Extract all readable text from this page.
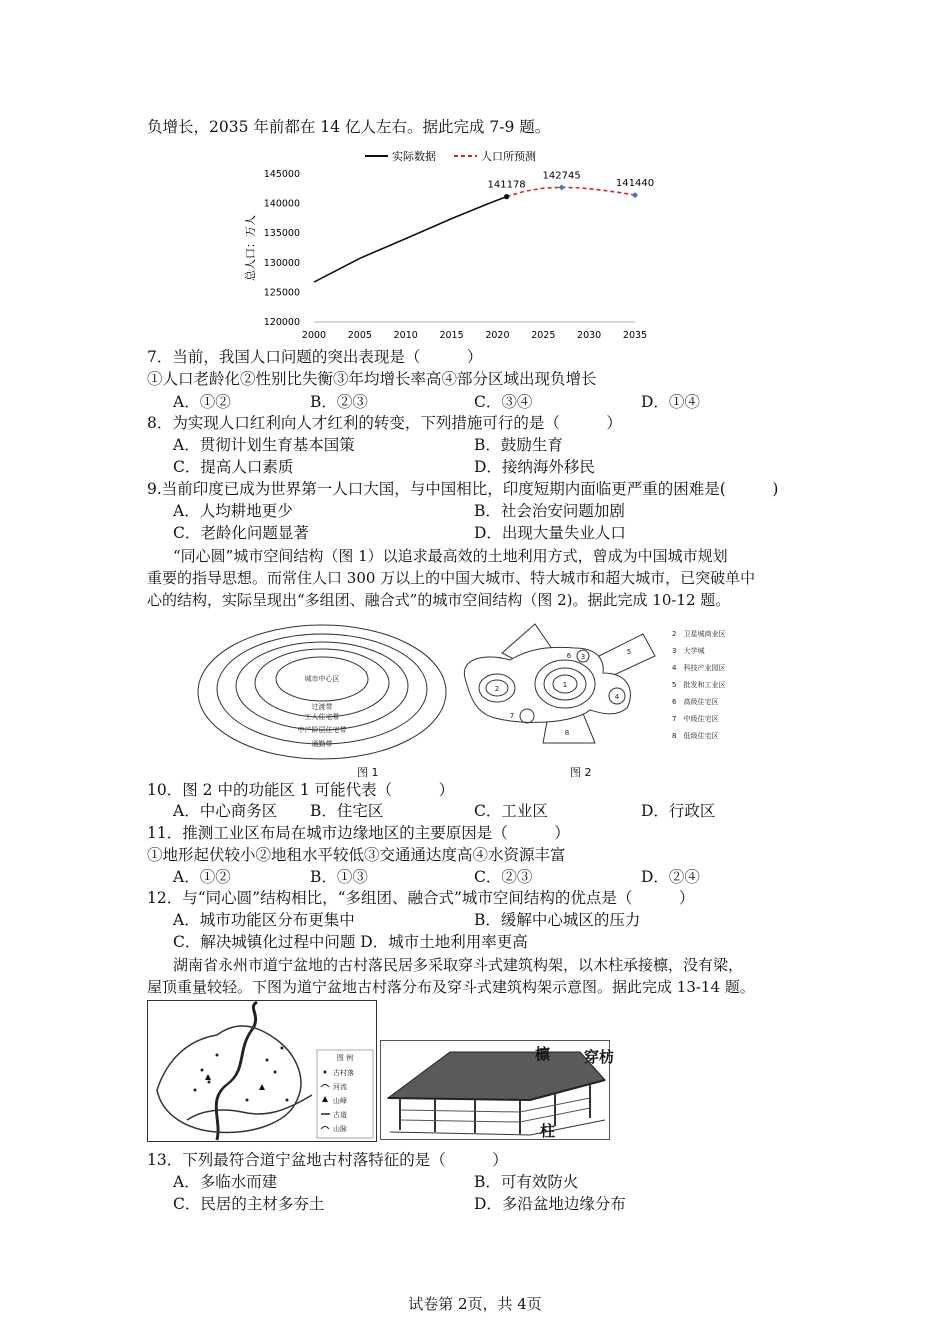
负增长，2035 年前都在 14 亿人左右。据此完成 7-9 题。
实际数据	人口所预测
2000 2005 2010 2015 2020 2025 2030 2035
120000
125000
130000
135000
140000
145000
总人口：万人
141178
142745
141440
7．当前，我国人口问题的突出表现是（　　　）
①人口老龄化②性别比失衡③年均增长率高④部分区域出现负增长
A．①②	B．②③	C．③④	D．①④
8．为实现人口红利向人才红利的转变，下列措施可行的是（　　　）
A．贯彻计划生育基本国策	B．鼓励生育
C．提高人口素质	D．接纳海外移民
9.当前印度已成为世界第一人口大国，与中国相比，印度短期内面临更严重的困难是(　　　)
A．人均耕地更少	B．社会治安问题加剧
C．老龄化问题显著	D．出现大量失业人口
“同心圆”城市空间结构（图 1）以追求最高效的土地利用方式，曾成为中国城市规划
重要的指导思想。而常住人口 300 万以上的中国大城市、特大城市和超大城市，已突破单中
心的结构，实际呈现出“多组团、融合式”的城市空间结构（图 2)。据此完成 10-12 题。
城市中心区
过渡带
工人住宅带
中产阶层住宅带
通勤带
图 1
1
2
3
4
5
6
7
8
2　卫星城商业区
3　大学城
4　科技产业园区
5　批发和工业区
6　高级住宅区
7　中级住宅区
8　低级住宅区
图 2
10．图 2 中的功能区 1 可能代表（　　　）
A．中心商务区 B．住宅区	C．工业区	D．行政区
11．推测工业区布局在城市边缘地区的主要原因是（　　　）
①地形起伏较小②地租水平较低③交通通达度高④水资源丰富
A．①②	B．①③	C．②③	D．②④
12．与“同心圆”结构相比，“多组团、融合式”城市空间结构的优点是（　　　）
A．城市功能区分布更集中	B．缓解中心城区的压力
C．解决城镇化过程中问题 D．城市土地利用率更高
湖南省永州市道宁盆地的古村落民居多采取穿斗式建筑构架，以木柱承接檩，没有梁，
屋顶重量较轻。下图为道宁盆地古村落分布及穿斗式建筑构架示意图。据此完成 13-14 题。
图 例
古村落
河流
山峰
古道
山脉
檩 穿枋
柱
13．下列最符合道宁盆地古村落特征的是（　　　）
A．多临水而建	B．可有效防火
C．民居的主材多夯土	D．多沿盆地边缘分布
试卷第 2页，共 4页
